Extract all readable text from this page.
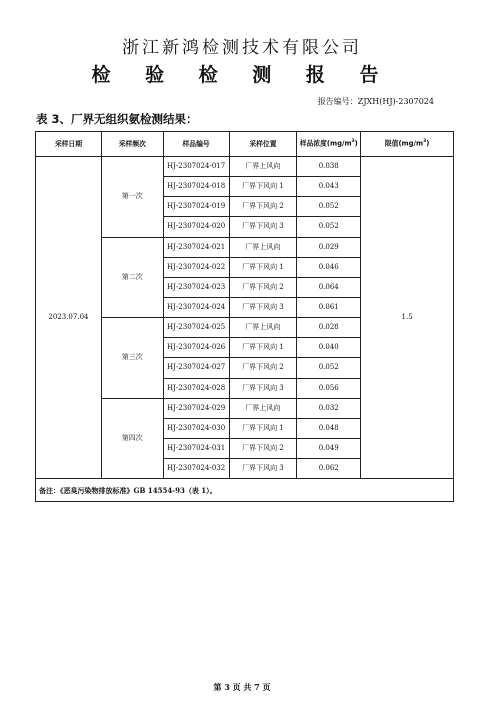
浙江新鸿检测技术有限公司
检 验 检 测 报 告
报告编号：ZJXH(HJ)-2307024
表 3、厂界无组织氨检测结果：
采样日期	采样频次	样品编号	采样位置	样品浓度$(mg/m^3)$	限值$(mg/m^3)$
2023.07.04	第一次	HJ-2307024-017	厂界上风向	0.038	1.5
		HJ-2307024-018	厂界下风向 1	0.043	
		HJ-2307024-019	厂界下风向 2	0.052	
		HJ-2307024-020	厂界下风向 3	0.052	
	第二次	HJ-2307024-021	厂界上风向	0.029	
		HJ-2307024-022	厂界下风向 1	0.046	
		HJ-2307024-023	厂界下风向 2	0.064	
		HJ-2307024-024	厂界下风向 3	0.061	
	第三次	HJ-2307024-025	厂界上风向	0.028	
		HJ-2307024-026	厂界下风向 1	0.040	
		HJ-2307024-027	厂界下风向 2	0.052	
		HJ-2307024-028	厂界下风向 3	0.056	
	第四次	HJ-2307024-029	厂界上风向	0.032	
		HJ-2307024-030	厂界下风向 1	0.048	
		HJ-2307024-031	厂界下风向 2	0.049	
		HJ-2307024-032	厂界下风向 3	0.062	
备注：《恶臭污染物排放标准》GB 14554-93（表 1）。					
第 3 页 共 7 页
